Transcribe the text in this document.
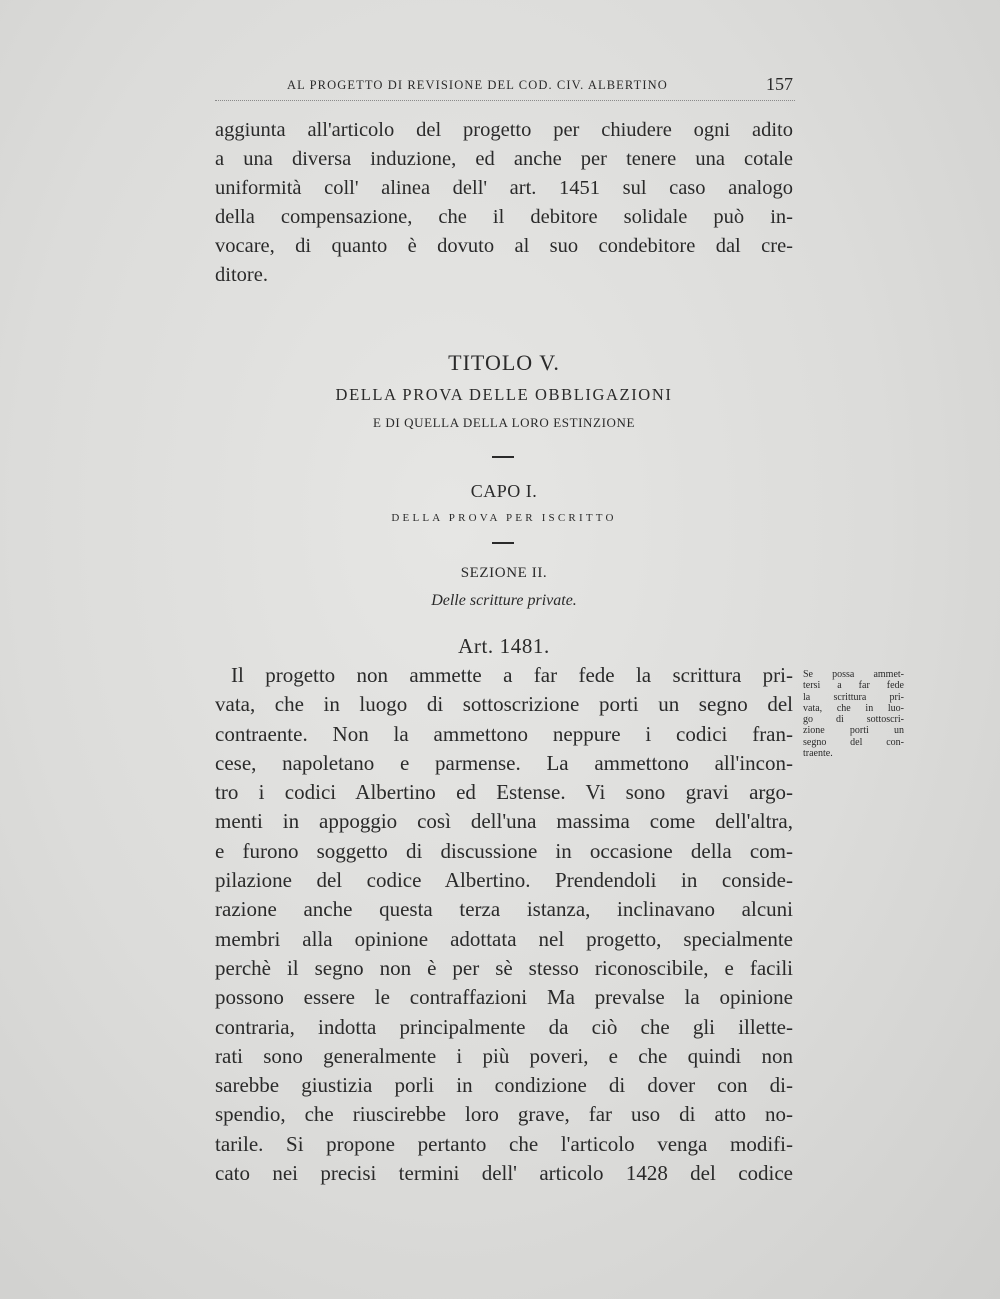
AL PROGETTO DI REVISIONE DEL COD. CIV. ALBERTINO	157
aggiunta all'articolo del progetto per chiudere ogni adito
a una diversa induzione, ed anche per tenere una cotale
uniformità coll' alinea dell' art. 1451 sul caso analogo
della compensazione, che il debitore solidale può in-
vocare, di quanto è dovuto al suo condebitore dal cre-
ditore.
TITOLO V.
DELLA PROVA DELLE OBBLIGAZIONI
E DI QUELLA DELLA LORO ESTINZIONE
CAPO I.
DELLA PROVA PER ISCRITTO
SEZIONE II.
Delle scritture private.
Art. 1481.
Il progetto non ammette a far fede la scrittura pri-
vata, che in luogo di sottoscrizione porti un segno del
contraente. Non la ammettono neppure i codici fran-
cese, napoletano e parmense. La ammettono all'incon-
tro i codici Albertino ed Estense. Vi sono gravi argo-
menti in appoggio così dell'una massima come dell'altra,
e furono soggetto di discussione in occasione della com-
pilazione del codice Albertino. Prendendoli in conside-
razione anche questa terza istanza, inclinavano alcuni
membri alla opinione adottata nel progetto, specialmente
perchè il segno non è per sè stesso riconoscibile, e facili
possono essere le contraffazioni Ma prevalse la opinione
contraria, indotta principalmente da ciò che gli illette-
rati sono generalmente i più poveri, e che quindi non
sarebbe giustizia porli in condizione di dover con di-
spendio, che riuscirebbe loro grave, far uso di atto no-
tarile. Si propone pertanto che l'articolo venga modifi-
cato nei precisi termini dell' articolo 1428 del codice
Se possa ammet-
tersi a far fede
la scrittura pri-
vata, che in luo-
go di sottoscri-
zione porti un
segno del con-
traente.
